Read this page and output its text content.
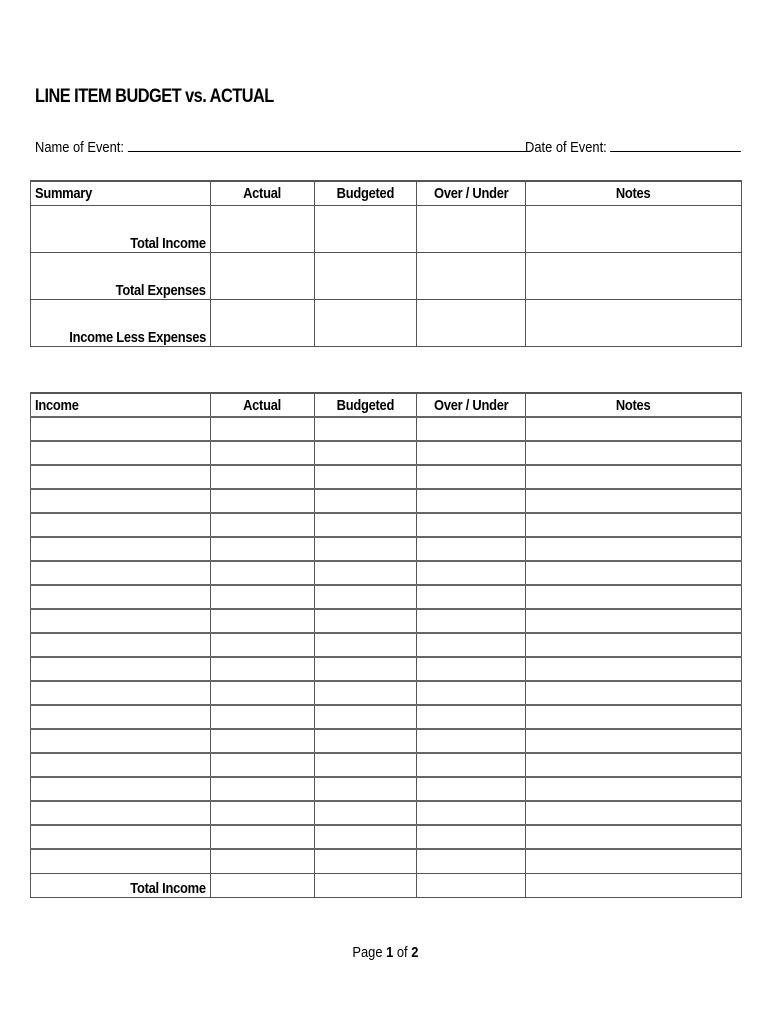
LINE ITEM BUDGET vs. ACTUAL
Name of Event:	Date of Event:
Summary	Actual	Budgeted	Over / Under	Notes
Total Income				
Total Expenses				
Income Less Expenses				
Income	Actual	Budgeted	Over / Under	Notes

Total Income				
Page 1 of 2
